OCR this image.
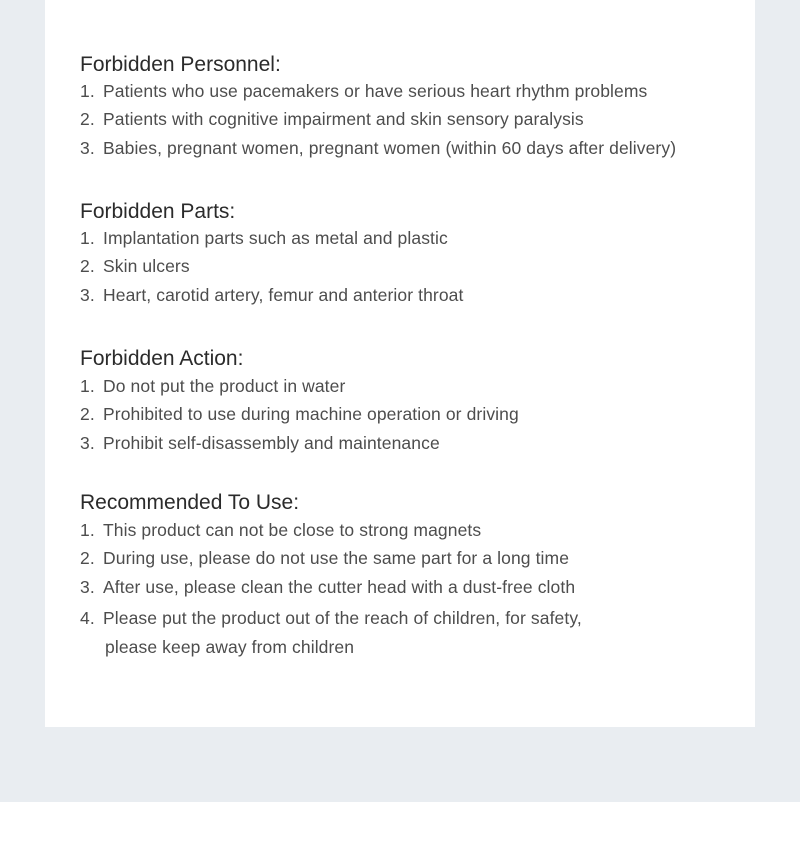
Forbidden Personnel:
1. Patients who use pacemakers or have serious heart rhythm problems
2. Patients with cognitive impairment and skin sensory paralysis
3. Babies, pregnant women, pregnant women (within 60 days after delivery)
Forbidden Parts:
1. Implantation parts such as metal and plastic
2. Skin ulcers
3. Heart, carotid artery, femur and anterior throat
Forbidden Action:
1. Do not put the product in water
2. Prohibited to use during machine operation or driving
3. Prohibit self-disassembly and maintenance
Recommended To Use:
1. This product can not be close to strong magnets
2. During use, please do not use the same part for a long time
3. After use, please clean the cutter head with a dust-free cloth
4. Please put the product out of the reach of children, for safety,
please keep away from children
